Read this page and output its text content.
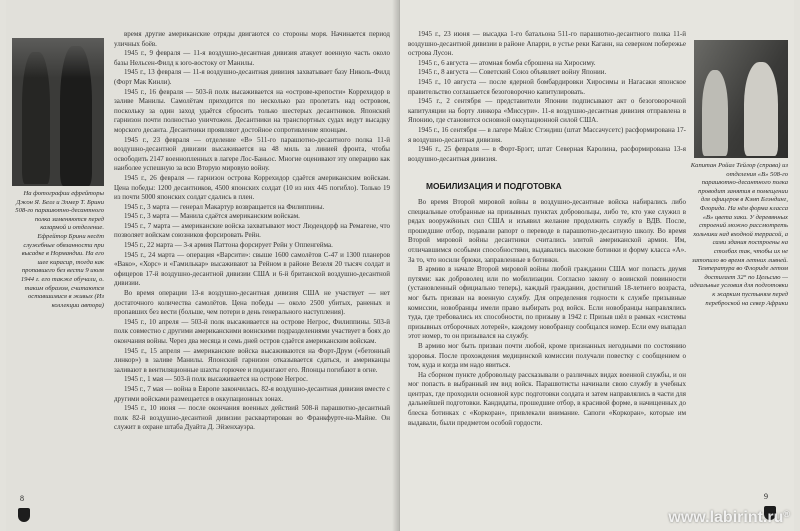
На фотографии ефрейторы Джон Я. Белл и Элмер Т. Брини 508-го парашютно-десантного полка заменяются перед казармой и отделение. Ефрейтор Брини несёт служебные обязанности при высадке в Нормандии. На его шее кирасир, тогда как пропавшего без вести 9 июля 1944 г. его также обучали, о. таким образом, считаются оставшимися в живых (Из коллекции автора)

время другие американские отряды двигаются со стороны моря. Начинается период уличных боёв.

1945 г., 9 февраля — 11-я воздушно-десантная дивизия атакует военную часть около базы Нельсен-Филд к юго-востоку от Манилы.

1945 г., 13 февраля — 11-я воздушно-десантная дивизия захватывает базу Николь-Филд (Форт Мак Кинли).

1945 г., 16 февраля — 503-й полк высаживается на «острове-крепости» Коррехидор в заливе Манилы. Самолётам приходится по несколько раз пролетать над островом, поскольку за один заход удаётся сбросить только шестерых десантников. Японский гарнизон почти полностью уничтожен. Десантники на транспортных судах ведут высадку морского десанта. Десантники проявляют достойное сопротивление японцам.

1945 г., 23 февраля — отделение «В» 511-го парашютно-десантного полка 11-й воздушно-десантной дивизии высаживается на 48 миль за линией фронта, чтобы освободить 2147 военнопленных в лагере Лос-Баньос. Многие оценивают эту операцию как наиболее успешную за всю Вторую мировую войну.

1945 г., 26 февраля — гарнизон острова Коррехидор сдаётся американским войскам. Цена победы: 1200 десантников, 4500 японских солдат (10 из них 445 погибло). Только 19 из почти 5000 японских солдат сдались в плен.

1945 г., 3 марта — генерал Макартур возвращается на Филиппины.

1945 г., 3 марта — Манила сдаётся американским войскам.

1945 г., 7 марта — американские войска захватывают мост Людендорф на Ремагене, что позволяет войскам союзников форсировать Рейн.

1945 г., 22 марта — 3-я армия Паттона форсирует Рейн у Оппенгейма.

1945 г., 24 марта — операция «Варсити»: свыше 1600 самолётов С-47 и 1300 планеров «Вако», «Хорс» и «Гамилькар» высаживают за Рейном в районе Везеля 20 тысяч солдат и офицеров 17-й воздушно-десантной дивизии США и 6-й британской воздушно-десантной дивизии.

Во время операции 13-я воздушно-десантная дивизия США не участвует — нет достаточного количества самолётов. Цена победы — около 2500 убитых, раненых и пропавших без вести (больше, чем потери в день генерального наступления).

1945 г., 10 апреля — 503-й полк высаживается на острове Негрос, Филиппины. 503-й полк совместно с другими американскими воинскими подразделениями участвует в боях до окончания войны. Через два месяца и семь дней остров сдаётся американским войскам.

1945 г., 15 апреля — американские войска высаживаются на Форт-Друм («бетонный линкор») в заливе Манилы. Японский гарнизон отказывается сдаться, и американцы заливают в вентиляционные шахты горючее и поджигают его. Японцы погибают в огне.

1945 г., 1 мая — 503-й полк высаживается на острове Негрос.

1945 г., 7 мая — война в Европе закончилась. 82-я воздушно-десантная дивизия вместе с другими войсками размещается в оккупационных зонах.

1945 г., 10 июня — после окончания военных действий 508-й парашютно-десантный полк 82-й воздушно-десантной дивизии расквартирован во Франкфурте-на-Майне. Он служит в охране штаба Дуайта Д. Эйзенхауэра.

8

1945 г., 23 июня — высадка 1-го батальона 511-го парашютно-десантного полка 11-й воздушно-десантной дивизии в районе Апарри, в устье реки Каганн, на северном побережье острова Лусон.

1945 г., 6 августа — атомная бомба сброшена на Хиросиму.

1945 г., 8 августа — Советский Союз объявляет войну Японии.

1945 г., 10 августа — после ядерной бомбардировки Хиросимы и Нагасаки японское правительство соглашается безоговорочно капитулировать.

1945 г., 2 сентября — представители Японии подписывают акт о безоговорочной капитуляции на борту линкора «Миссури». 11-я воздушно-десантная дивизия отправлена в Японию, где становится основной оккупационной силой США.

1945 г., 16 сентября — в лагере Майлс Стэндиш (штат Массачусетс) расформирована 17-я воздушно-десантная дивизия.

1946 г., 25 февраля — в Форт-Брэгг, штат Северная Каролина, расформирована 13-я воздушно-десантная дивизия.

МОБИЛИЗАЦИЯ И ПОДГОТОВКА

Во время Второй мировой войны в воздушно-десантные войска набирались либо специальные отобранные на призывных пунктах добровольцы, либо те, кто уже служил в рядах вооружённых сил США и изъявил желание продолжить службу в ВДВ. После, прошедшие отбор, подавали рапорт о переводе в парашютно-десантную школу. Во время Второй мировой войны десантники считались элитой американской армии. Им, отличавшимся особыми способностями, выдавались высокие ботинки и форму класса «А». За то, что носили брюки, заправленные в ботинки.

В армию в начале Второй мировой войны любой гражданин США мог попасть двумя путями: как доброволец или по мобилизации. Согласно закону о воинской повинности (установленный официально теперь), каждый гражданин, достигший 18-летнего возраста, мог быть призван на военную службу. Для определения годности к службе призывные комиссии, новобранцы имели право выбирать род войск. Если новобранцы направлялись туда, где требовались их способности, по призыву в 1942 г. Призыв шёл в рамках «системы призывных отборочных лотерей», каждому новобранцу сообщался номер. Если ему выпадал этот номер, то он призывался на службу.

В армию мог быть призван почти любой, кроме признанных негодными по состоянию здоровья. После прохождения медицинской комиссии получали повестку с сообщением о том, куда и когда им надо явиться.

На сборном пункте добровольцу рассказывали о различных видах военной службы, и он мог попасть в выбранный им вид войск. Парашютисты начинали свою службу в учебных центрах, где проходили основной курс подготовки солдата и затем направлялись в части для дальнейшей подготовки. Кандидаты, прошедшие отбор, в красивой форме, в начищенных до блеска ботинках с «Коркоран», привлекали внимание. Сапоги «Коркоран», которые им выдавали, были предметом особой гордости.

Капитан Ройал Тейлор (справа) из отделения «В» 508-го парашютно-десантного полка проводит занятия в помещении для офицеров в Кэмп Блэндинг, Флорида. На нём форма класса «В» цвета хаки. У деревянных строений можно рассмотреть хольчики над входной террасой, а сами здания построены на столбах так, чтобы их не затопило во время летних ливней. Температура во Флориде летом достигает 32° по Цельсию — идеальные условия для подготовки к жарким пустыням перед переброской на север Африки
9
www.labirint.ru®
